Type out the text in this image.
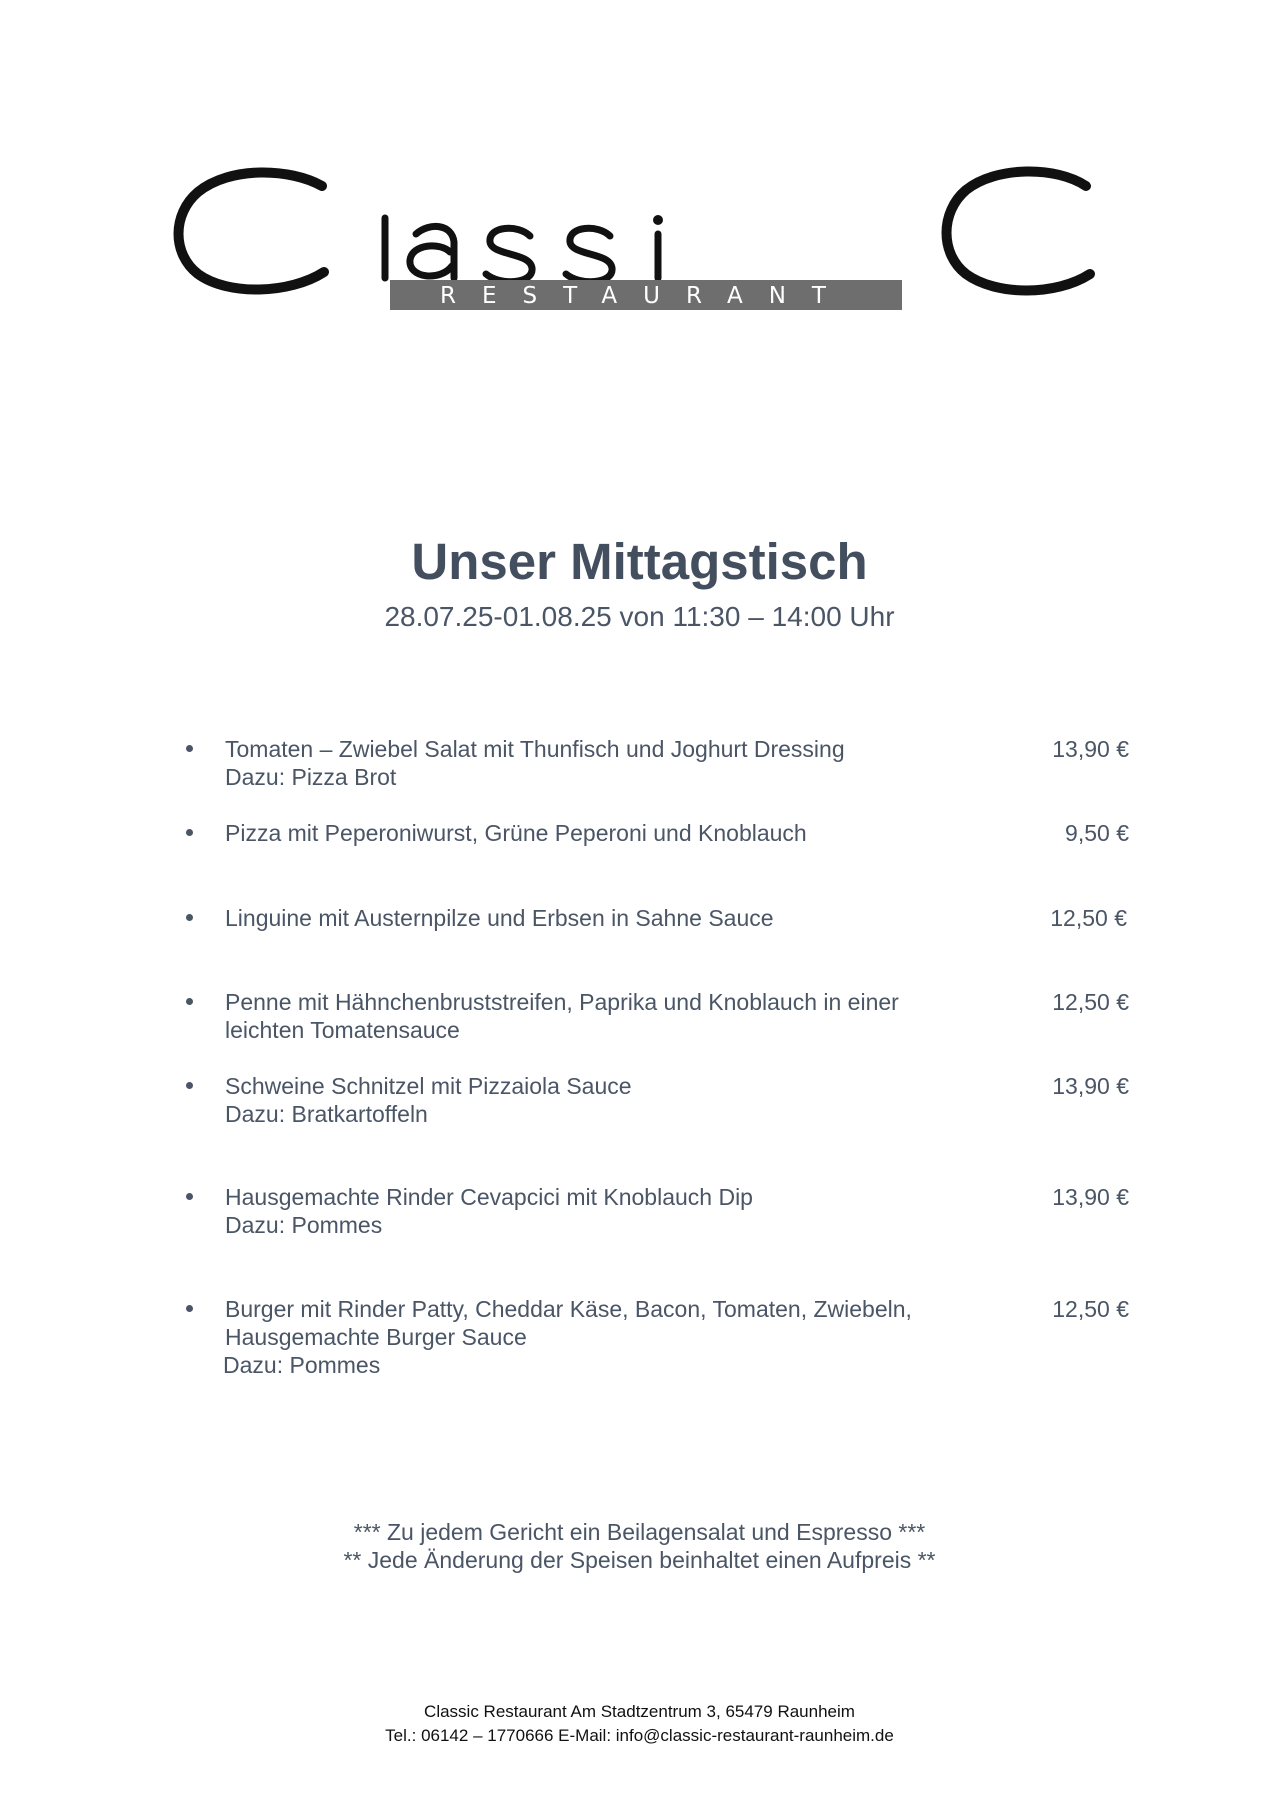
RESTAURANT
Unser Mittagstisch
28.07.25-01.08.25 von 11:30 – 14:00 Uhr
Tomaten – Zwiebel Salat mit Thunfisch und Joghurt Dressing
Dazu: Pizza Brot
13,90 €
Pizza mit Peperoniwurst, Grüne Peperoni und Knoblauch	9,50 €
Linguine mit Austernpilze und Erbsen in Sahne Sauce	12,50 €
Penne mit Hähnchenbruststreifen, Paprika und Knoblauch in einer
leichten Tomatensauce
12,50 €
Schweine Schnitzel mit Pizzaiola Sauce
Dazu: Bratkartoffeln
13,90 €
Hausgemachte Rinder Cevapcici mit Knoblauch Dip
Dazu: Pommes
13,90 €
Burger mit Rinder Patty, Cheddar Käse, Bacon, Tomaten, Zwiebeln,
Hausgemachte Burger Sauce
Dazu: Pommes
12,50 €
*** Zu jedem Gericht ein Beilagensalat und Espresso ***
** Jede Änderung der Speisen beinhaltet einen Aufpreis **
Classic Restaurant Am Stadtzentrum 3, 65479 Raunheim
Tel.: 06142 – 1770666 E-Mail: info@classic-restaurant-raunheim.de
